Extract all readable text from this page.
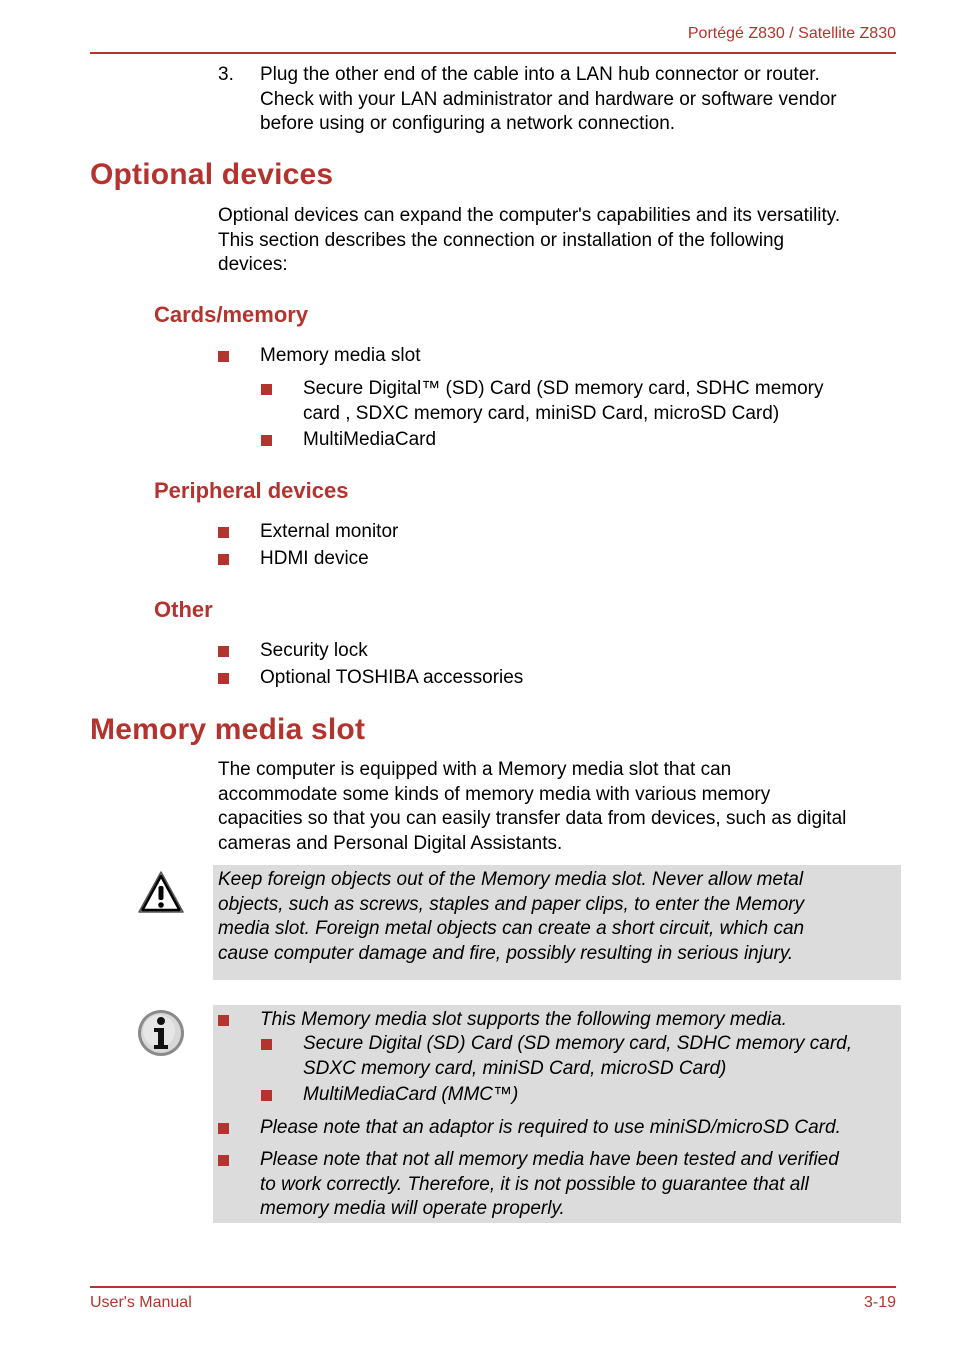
Portégé Z830 / Satellite Z830
3. Plug the other end of the cable into a LAN hub connector or router.
Check with your LAN administrator and hardware or software vendor
before using or configuring a network connection.
Optional devices
Optional devices can expand the computer's capabilities and its versatility.
This section describes the connection or installation of the following
devices:
Cards/memory
Memory media slot
Secure Digital™ (SD) Card (SD memory card, SDHC memory
card , SDXC memory card, miniSD Card, microSD Card)
MultiMediaCard
Peripheral devices
External monitor
HDMI device
Other
Security lock
Optional TOSHIBA accessories
Memory media slot
The computer is equipped with a Memory media slot that can
accommodate some kinds of memory media with various memory
capacities so that you can easily transfer data from devices, such as digital
cameras and Personal Digital Assistants.
Keep foreign objects out of the Memory media slot. Never allow metal
objects, such as screws, staples and paper clips, to enter the Memory
media slot. Foreign metal objects can create a short circuit, which can
cause computer damage and fire, possibly resulting in serious injury.
This Memory media slot supports the following memory media.
Secure Digital (SD) Card (SD memory card, SDHC memory card,
SDXC memory card, miniSD Card, microSD Card)
MultiMediaCard (MMC™)
Please note that an adaptor is required to use miniSD/microSD Card.
Please note that not all memory media have been tested and verified
to work correctly. Therefore, it is not possible to guarantee that all
memory media will operate properly.
User's Manual	3-19
